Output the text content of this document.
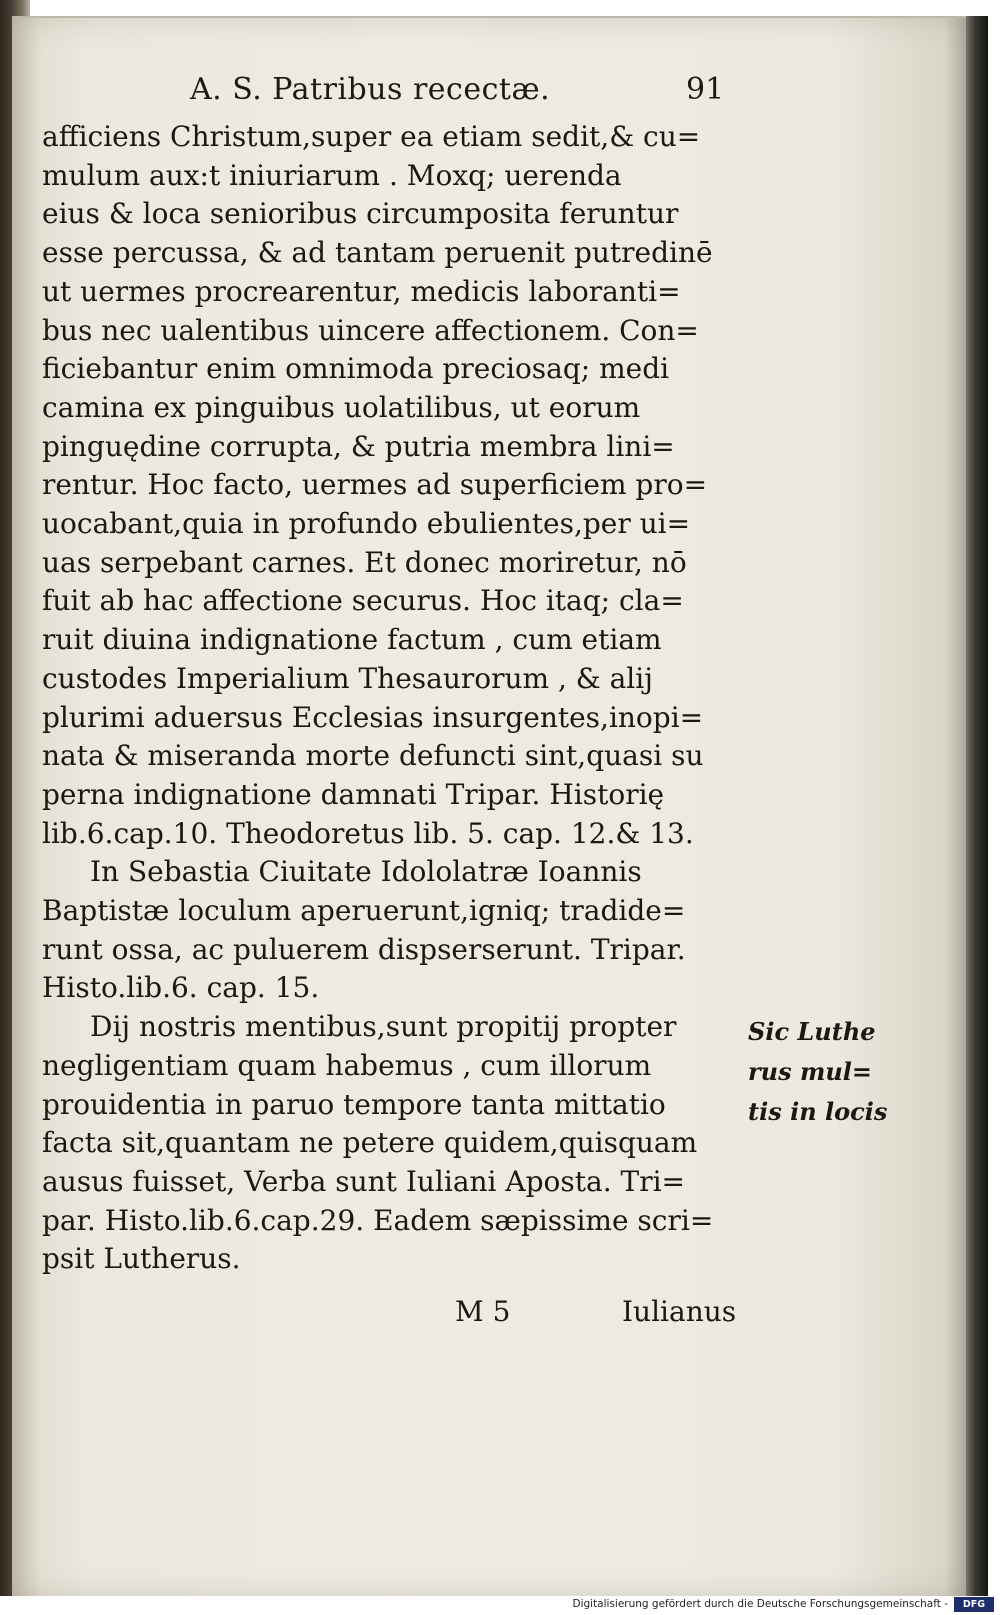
A. S. Patribus recectæ.	91
afficiens Christum,super ea etiam sedit,& cu=
mulum aux:t iniuriarum . Moxq; uerenda
eius & loca senioribus circumposita feruntur
esse percussa, & ad tantam peruenit putredinē
ut uermes procrearentur, medicis laboranti=
bus nec ualentibus uincere affectionem. Con=
ficiebantur enim omnimoda preciosaq; medi
camina ex pinguibus uolatilibus, ut eorum
pinguędine corrupta, & putria membra lini=
rentur. Hoc facto, uermes ad superficiem pro=
uocabant,quia in profundo ebulientes,per ui=
uas serpebant carnes. Et donec moriretur, nō
fuit ab hac affectione securus. Hoc itaq; cla=
ruit diuina indignatione factum , cum etiam
custodes Imperialium Thesaurorum , & alij
plurimi aduersus Ecclesias insurgentes,inopi=
nata & miseranda morte defuncti sint,quasi su
perna indignatione damnati Tripar. Historię
lib.6.cap.10. Theodoretus lib. 5. cap. 12.& 13.
In Sebastia Ciuitate Idololatræ Ioannis
Baptistæ loculum aperuerunt,igniq; tradide=
runt ossa, ac puluerem dispserserunt. Tripar.
Histo.lib.6. cap. 15.
Dij nostris mentibus,sunt propitij propter
negligentiam quam habemus , cum illorum
prouidentia in paruo tempore tanta mittatio
facta sit,quantam ne petere quidem,quisquam
ausus fuisset, Verba sunt Iuliani Aposta. Tri=
par. Histo.lib.6.cap.29. Eadem sæpissime scri=
psit Lutherus.
Sic Luthe
rus mul=
tis in locis
M 5	Iulianus
Digitalisierung gefördert durch die Deutsche Forschungsgemeinschaft -	DFG
